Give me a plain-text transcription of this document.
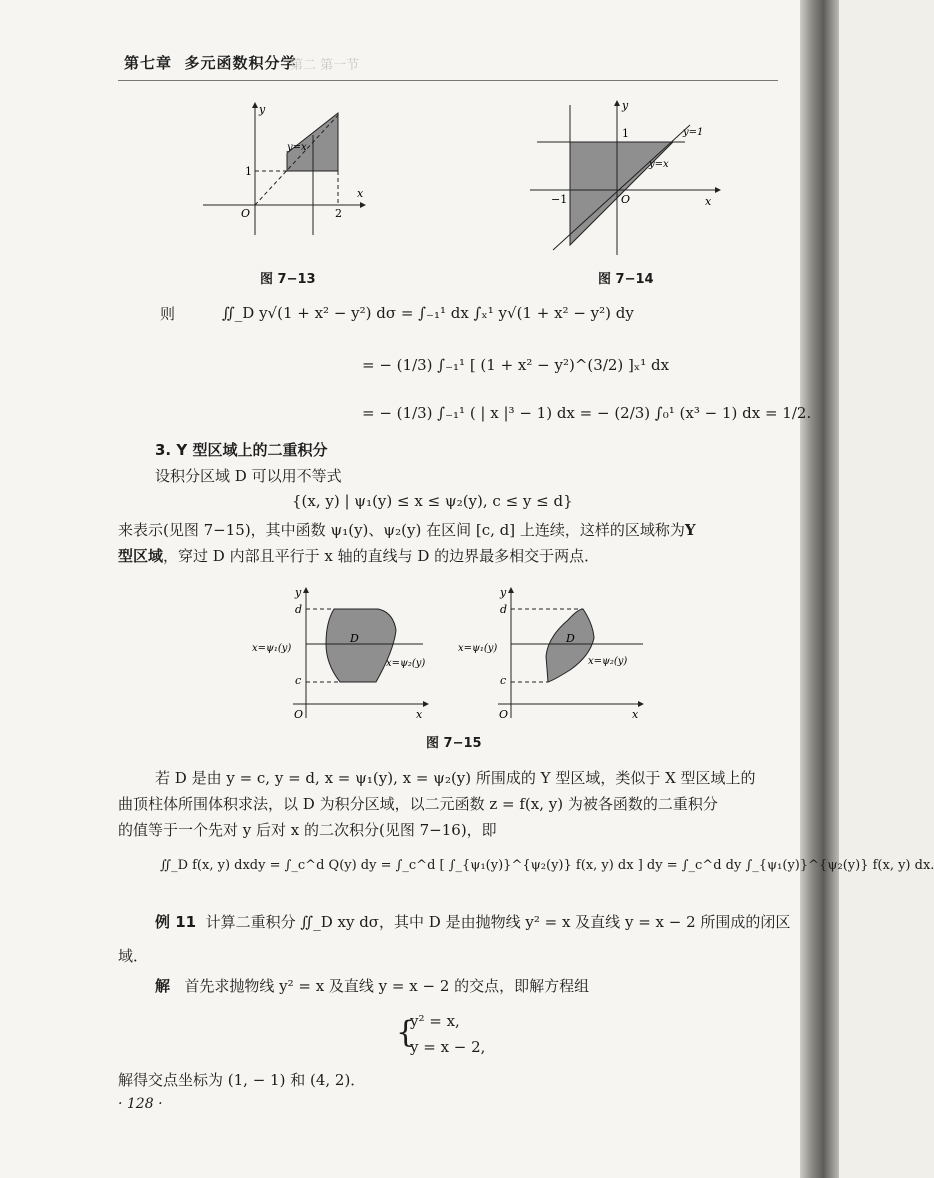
第七章 多元函数积分学
第二 第一节
y
x
O
1
2
y=x
图 7−13
y
x
O
1
−1
y=1
y=x
图 7−14
则	∬_D y√(1 + x² − y²) dσ = ∫₋₁¹ dx ∫ₓ¹ y√(1 + x² − y²) dy
= − (1/3) ∫₋₁¹ [ (1 + x² − y²)^(3/2) ]ₓ¹ dx
= − (1/3) ∫₋₁¹ ( | x |³ − 1) dx = − (2/3) ∫₀¹ (x³ − 1) dx = 1/2.
3. Y 型区域上的二重积分
设积分区域 D 可以用不等式
{(x, y) | ψ₁(y) ≤ x ≤ ψ₂(y), c ≤ y ≤ d}
来表示(见图 7−15)，其中函数 ψ₁(y)、ψ₂(y) 在区间 [c, d] 上连续，这样的区域称为Y
型区域，穿过 D 内部且平行于 x 轴的直线与 D 的边界最多相交于两点．
y
x
O
d
c
D
x=ψ₁(y)
x=ψ₂(y)
y
x
O
d
c
D
x=ψ₁(y)
x=ψ₂(y)
图 7−15
若 D 是由 y = c, y = d, x = ψ₁(y), x = ψ₂(y) 所围成的 Y 型区域，类似于 X 型区域上的
曲顶柱体所围体积求法，以 D 为积分区域，以二元函数 z = f(x, y) 为被各函数的二重积分
的值等于一个先对 y 后对 x 的二次积分(见图 7−16)，即
∬_D f(x, y) dxdy = ∫_c^d Q(y) dy = ∫_c^d [ ∫_{ψ₁(y)}^{ψ₂(y)} f(x, y) dx ] dy = ∫_c^d dy ∫_{ψ₁(y)}^{ψ₂(y)} f(x, y) dx.
例 11 计算二重积分 ∬_D xy dσ，其中 D 是由抛物线 y² = x 及直线 y = x − 2 所围成的闭区
域．
解 首先求抛物线 y² = x 及直线 y = x − 2 的交点，即解方程组
{
y² = x,
y = x − 2,
解得交点坐标为 (1, − 1) 和 (4, 2)．
· 128 ·
